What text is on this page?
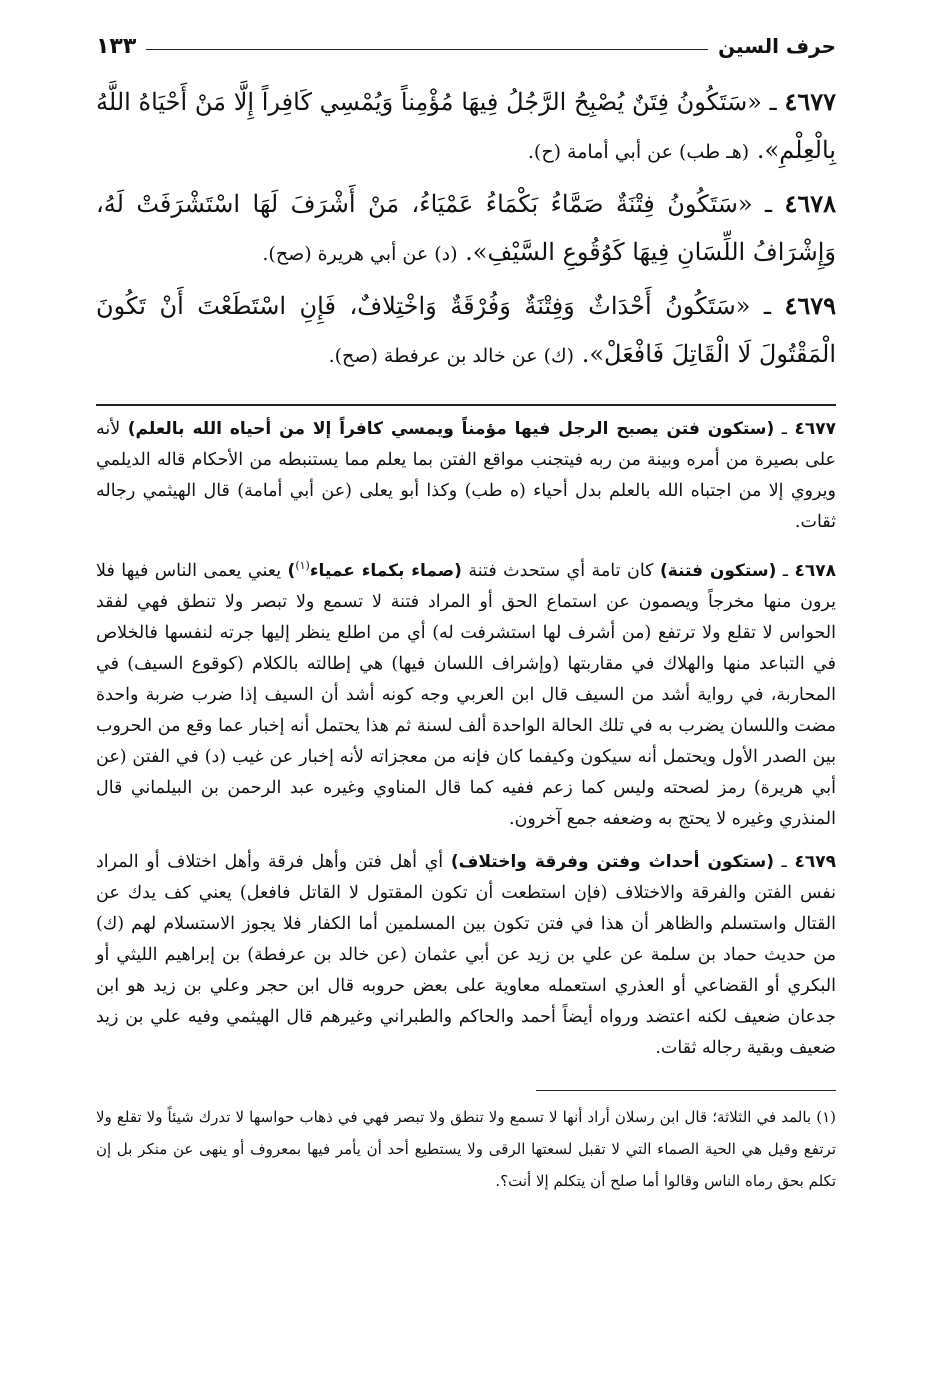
حرف السين
١٣٣
٤٦٧٧ ـ «سَتَكُونُ فِتَنٌ يُصْبِحُ الرَّجُلُ فِيهَا مُؤْمِناً وَيُمْسِي كَافِراً إِلَّا مَنْ أَحْيَاهُ اللَّهُ بِالْعِلْمِ». (هـ طب) عن أبي أمامة (ح).
٤٦٧٨ ـ «سَتَكُونُ فِتْنَةٌ صَمَّاءُ بَكْمَاءُ عَمْيَاءُ، مَنْ أَشْرَفَ لَهَا اسْتَشْرَفَتْ لَهُ، وَإِشْرَافُ اللِّسَانِ فِيهَا كَوُقُوعِ السَّيْفِ». (د) عن أبي هريرة (صح).
٤٦٧٩ ـ «سَتَكُونُ أَحْدَاثٌ وَفِتْنَةٌ وَفُرْقَةٌ وَاخْتِلافٌ، فَإِنِ اسْتَطَعْتَ أَنْ تَكُونَ الْمَقْتُولَ لَا الْقَاتِلَ فَافْعَلْ». (ك) عن خالد بن عرفطة (صح).

٤٦٧٧ ـ (ستكون فتن يصبح الرجل فيها مؤمناً ويمسي كافراً إلا من أحياه الله بالعلم) لأنه على بصيرة من أمره وبينة من ربه فيتجنب مواقع الفتن بما يعلم مما يستنبطه من الأحكام قاله الديلمي ويروي إلا من اجتباه الله بالعلم بدل أحياء (ه طب) وكذا أبو يعلى (عن أبي أمامة) قال الهيثمي رجاله ثقات.

٤٦٧٨ ـ (ستكون فتنة) كان تامة أي ستحدث فتنة (صماء بكماء عمياء$^{(١)}$) يعني يعمى الناس فيها فلا يرون منها مخرجاً ويصمون عن استماع الحق أو المراد فتنة لا تسمع ولا تبصر ولا تنطق فهي لفقد الحواس لا تقلع ولا ترتفع (من أشرف لها استشرفت له) أي من اطلع ينظر إليها جرته لنفسها فالخلاص في التباعد منها والهلاك في مقاربتها (وإشراف اللسان فيها) هي إطالته بالكلام (كوقوع السيف) في المحاربة، في رواية أشد من السيف قال ابن العربي وجه كونه أشد أن السيف إذا ضرب ضربة واحدة مضت واللسان يضرب به في تلك الحالة الواحدة ألف لسنة ثم هذا يحتمل أنه إخبار عما وقع من الحروب بين الصدر الأول ويحتمل أنه سيكون وكيفما كان فإنه من معجزاته لأنه إخبار عن غيب (د) في الفتن (عن أبي هريرة) رمز لصحته وليس كما زعم ففيه كما قال المناوي وغيره عبد الرحمن بن البيلماني قال المنذري وغيره لا يحتج به وضعفه جمع آخرون.

٤٦٧٩ ـ (ستكون أحداث وفتن وفرقة واختلاف) أي أهل فتن وأهل فرقة وأهل اختلاف أو المراد نفس الفتن والفرقة والاختلاف (فإن استطعت أن تكون المقتول لا القاتل فافعل) يعني كف يدك عن القتال واستسلم والظاهر أن هذا في فتن تكون بين المسلمين أما الكفار فلا يجوز الاستسلام لهم (ك) من حديث حماد بن سلمة عن علي بن زيد عن أبي عثمان (عن خالد بن عرفطة) بن إبراهيم الليثي أو البكري أو القضاعي أو العذري استعمله معاوية على بعض حروبه قال ابن حجر وعلي بن زيد هو ابن جدعان ضعيف لكنه اعتضد ورواه أيضاً أحمد والحاكم والطبراني وغيرهم قال الهيثمي وفيه علي بن زيد ضعيف وبقية رجاله ثقات.

(١) بالمد في الثلاثة؛ قال ابن رسلان أراد أنها لا تسمع ولا تنطق ولا تبصر فهي في ذهاب حواسها لا تدرك شيئاً ولا تقلع ولا ترتفع وقيل هي الحية الصماء التي لا تقبل لسعتها الرقى ولا يستطيع أحد أن يأمر فيها بمعروف أو ينهى عن منكر بل إن تكلم بحق رماه الناس وقالوا أما صلح أن يتكلم إلا أنت؟.
